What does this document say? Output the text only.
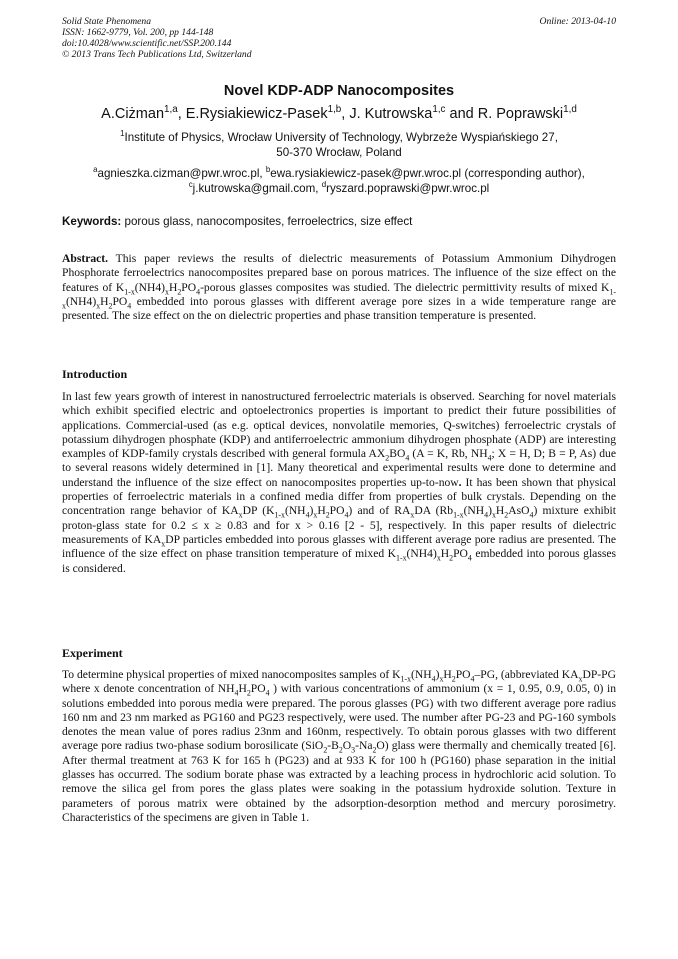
Solid State Phenomena
ISSN: 1662-9779, Vol. 200, pp 144-148
doi:10.4028/www.scientific.net/SSP.200.144
© 2013 Trans Tech Publications Ltd, Switzerland
Online: 2013-04-10
Novel KDP-ADP Nanocomposites
A.Ciżman$^{1,a}$, E.Rysiakiewicz-Pasek$^{1,b}$, J. Kutrowska$^{1,c}$ and R. Poprawski$^{1,d}$
$^1$Institute of Physics, Wrocław University of Technology, Wybrzeże Wyspiańskiego 27,
50-370 Wrocław, Poland
$^a$agnieszka.cizman@pwr.wroc.pl, $^b$ewa.rysiakiewicz-pasek@pwr.wroc.pl (corresponding author),
$^c$j.kutrowska@gmail.com, $^d$ryszard.poprawski@pwr.wroc.pl
Keywords: porous glass, nanocomposites, ferroelectrics, size effect
Abstract. This paper reviews the results of dielectric measurements of Potassium Ammonium Dihydrogen Phosphorate ferroelectrics nanocomposites prepared base on porous matrices. The influence of the size effect on the features of $K_{1-x}(NH4)_xH_2PO_4$-porous glasses composites was studied. The dielectric permittivity results of mixed $K_{1-x}(NH4)_xH_2PO_4$ embedded into porous glasses with different average pore sizes in a wide temperature range are presented. The size effect on the on dielectric properties and phase transition temperature is presented.
Introduction
In last few years growth of interest in nanostructured ferroelectric materials is observed. Searching for novel materials which exhibit specified electric and optoelectronics properties is important to predict their future possibilities of applications. Commercial-used (as e.g. optical devices, nonvolatile memories, Q-switches) ferroelectric crystals of potassium dihydrogen phosphate (KDP) and antiferroelectric ammonium dihydrogen phosphate (ADP) are interesting examples of KDP-family crystals described with general formula $AX_2BO_4$ (A = K, Rb, $NH_4$; X = H, D; B = P, As) due to several reasons widely determined in [1]. Many theoretical and experimental results were done to determine and understand the influence of the size effect on nanocomposites properties up-to-now. It has been shown that physical properties of ferroelectric materials in a confined media differ from properties of bulk crystals. Depending on the concentration range behavior of $KA_xDP$ $(K_{1-x}(NH_4)_xH_2PO_4)$ and of $RA_xDA$ $(Rb_{1-x}(NH_4)_xH_2AsO_4)$ mixture exhibit proton-glass state for 0.2 ≤ x ≥ 0.83 and for x > 0.16 [2 - 5], respectively. In this paper results of dielectric measurements of $KA_xDP$ particles embedded into porous glasses with different average pore radius are presented. The influence of the size effect on phase transition temperature of mixed $K_{1-x}(NH4)_xH_2PO_4$ embedded into porous glasses is considered.
Experiment
To determine physical properties of mixed nanocomposites samples of $K_{1-x}(NH_4)_xH_2PO_4-PG$, (abbreviated $KA_xDP-PG$ where x denote concentration of $NH_4H_2PO_4$ ) with various concentrations of ammonium (x = 1, 0.95, 0.9, 0.05, 0) in solutions embedded into porous media were prepared. The porous glasses (PG) with two different average pore radius 160 nm and 23 nm marked as PG160 and PG23 respectively, were used. The number after PG-23 and PG-160 symbols denotes the mean value of pores radius 23nm and 160nm, respectively. To obtain porous glasses with two different average pore radius two-phase sodium borosilicate $(SiO_2-B_2O_3-Na_2O)$ glass were thermally and chemically treated [6]. After thermal treatment at 763 K for 165 h (PG23) and at 933 K for 100 h (PG160) phase separation in the initial glasses has occurred. The sodium borate phase was extracted by a leaching process in hydrochloric acid solution. To remove the silica gel from pores the glass plates were soaking in the potassium hydroxide solution. Texture in parameters of porous matrix were obtained by the adsorption-desorption method and mercury porosimetry. Characteristics of the specimens are given in Table 1.
